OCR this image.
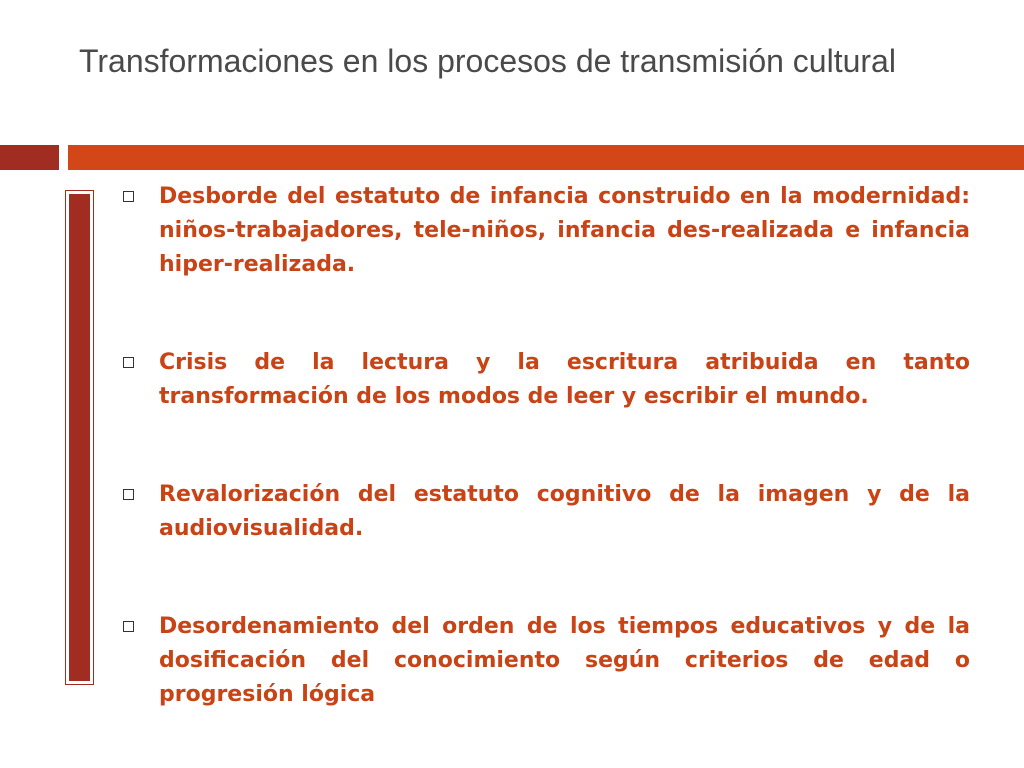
Transformaciones en los procesos de transmisión cultural
Desborde del estatuto de infancia construido en la modernidad: niños-trabajadores, tele-niños, infancia des-realizada e infancia hiper-realizada.
Crisis de la lectura y la escritura atribuida en tanto transformación de los modos de leer y escribir el mundo.
Revalorización del estatuto cognitivo de la imagen y de la audiovisualidad.
Desordenamiento del orden de los tiempos educativos y de la dosificación del conocimiento según criterios de edad o progresión lógica
